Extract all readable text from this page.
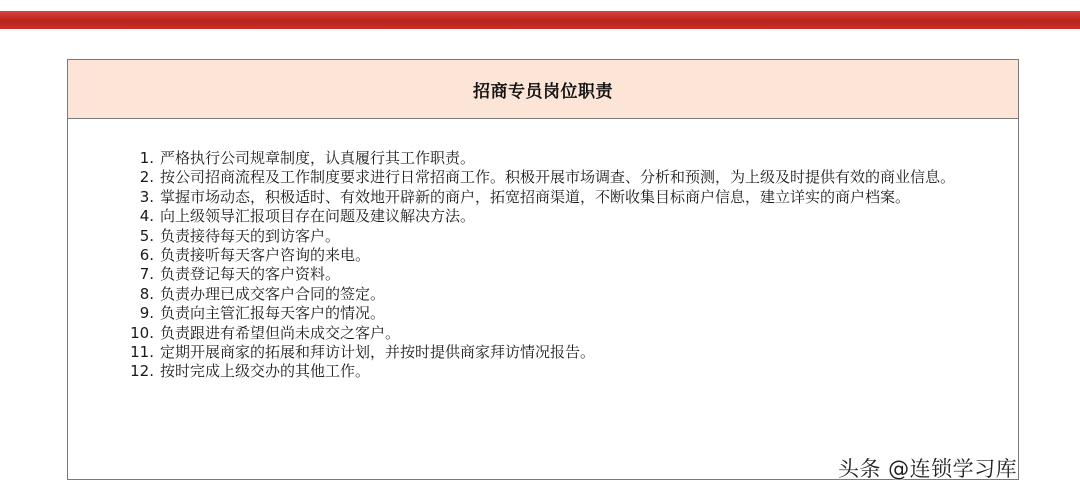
招商专员岗位职责
1. 严格执行公司规章制度，认真履行其工作职责。
2. 按公司招商流程及工作制度要求进行日常招商工作。积极开展市场调查、分析和预测，为上级及时提供有效的商业信息。
3. 掌握市场动态，积极适时、有效地开辟新的商户，拓宽招商渠道，不断收集目标商户信息，建立详实的商户档案。
4. 向上级领导汇报项目存在问题及建议解决方法。
5. 负责接待每天的到访客户。
6. 负责接听每天客户咨询的来电。
7. 负责登记每天的客户资料。
8. 负责办理已成交客户合同的签定。
9. 负责向主管汇报每天客户的情况。
10. 负责跟进有希望但尚未成交之客户。
11. 定期开展商家的拓展和拜访计划，并按时提供商家拜访情况报告。
12. 按时完成上级交办的其他工作。
头条 @连锁学习库
